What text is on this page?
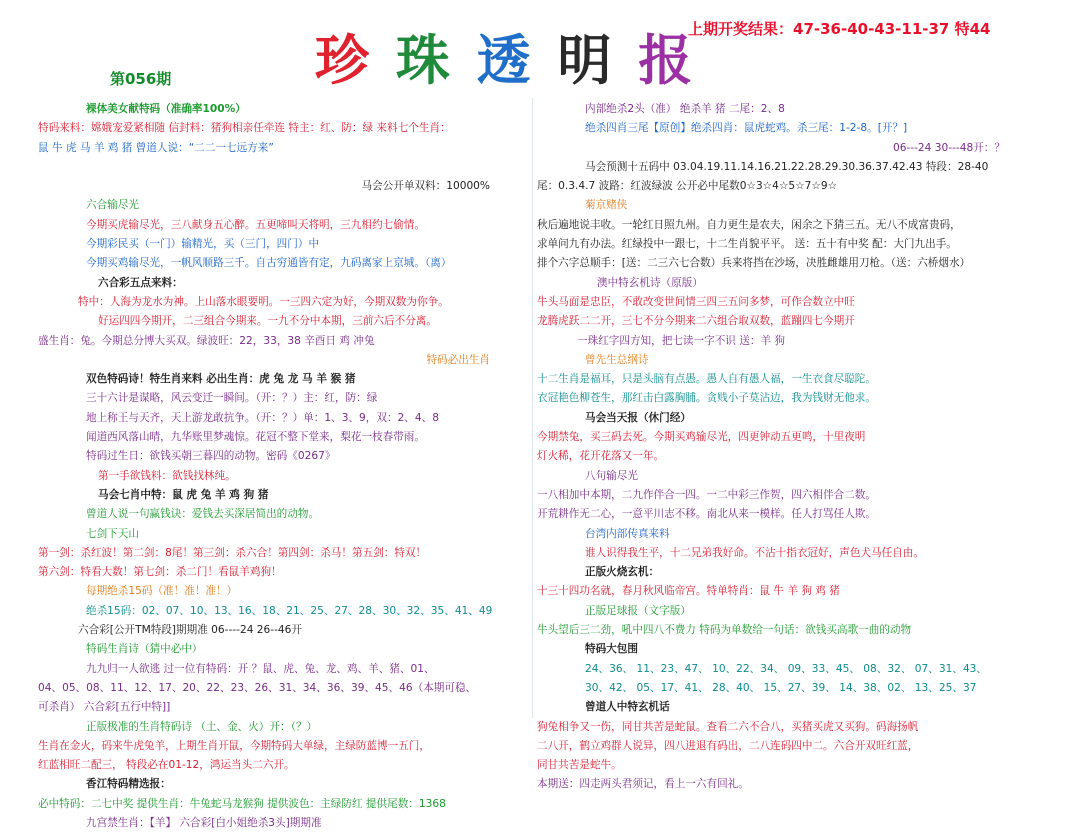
上期开奖结果：47-36-40-43-11-37 特44
珍 珠 透 明 报
第056期
裸体美女献特码（准确率100%）
特码来料：嫦娥宠爱紧相随 信封料：猪狗相亲任牵连 特主：红、防：绿 来料七个生肖：
鼠 牛 虎 马 羊 鸡 猪 曾道人说：“二二一七远方来”
马会公开单双料：10000%
六合输尽光
今期买虎输尽光，三八献身五心醉。五更啼叫天将明，三九相约七偷情。
今期彩民买（一门）输精光，买（三门，四门）中
今期买鸡输尽光，一帆风顺路三千。自古穷通皆有定，九码离家上京城。（离）
六合彩五点来料：
特中：人海为龙水为神。上山落水眼要明。一三四六定为好，今期双数为你争。
好运四四今期开，二三组合今期来。一九不分中本期，三前六后不分离。
盛生肖：兔。今期总分博大买双。绿波旺：22，33，38 辛酉日 鸡 冲兔
特码必出生肖
双色特码诗！特生肖来料 必出生肖：虎 兔 龙 马 羊 猴 猪
三十六计是谋略，风云变迁一瞬间。（开：？）主：红，防：绿
地上称王与天齐，天上游龙敢抗争。（开：？）单：1、3、9，双：2、4、8
闻道西风落山晴，九华账里梦魂惊。花冠不整下堂来，梨花一枝春带雨。
特码过生日：欲钱买朝三暮四的动物。密码《0267》
第一手欲钱料：欲钱找林纯。
马会七肖中特：鼠 虎 兔 羊 鸡 狗 猪
曾道人说一句赢钱诀：爱钱去买深居简出的动物。
七剑下天山
第一剑：杀红波！第二剑：8尾！第三剑：杀六合！第四剑：杀马！第五剑：特双！
第六剑：特看大数！第七剑：杀二门！看鼠羊鸡狗！
每期绝杀15码（准！准！准！）
绝杀15码：02、07、10、13、16、18、21、25、27、28、30、32、35、41、49
六合彩[公开TM特段]期期准 06----24 26--46开
特码生肖诗（猜中必中）
九九归一人欲逃 过一位有特码：开 ？鼠、虎、兔、龙、鸡、羊、猪、01、
04、05、08、11、12、17、20、22、23、26、31、34、36、39、45、46（本期可稳、
可杀肖） 六合彩[五行中特]]
正版极准的生肖特码诗 （土、金、火）开：（？）
生肖在金火，码来牛虎兔羊，上期生肖开鼠，今期特码大单绿，主绿防蓝博一五门，
红蓝相旺二配三， 特段必在01-12，鸿运当头二六开。
香江特码精选报：
必中特码：二七中奖 提供生肖：牛兔蛇马龙猴狗 提供波色：主绿防红 提供尾数：1368
九宫禁生肖：【羊】 六合彩[白小姐绝杀3头]期期准
内部绝杀2头（准） 绝杀羊 猪 二尾：2、8
绝杀四肖三尾【原创】绝杀四肖：鼠虎蛇鸡。杀三尾：1-2-8。[开？]
06---24 30---48开：？
马会预测十五码中 03.04.19.11.14.16.21.22.28.29.30.36.37.42.43 特段：28-40
尾：0.3.4.7 波路：红波绿波 公开必中尾数0☆3☆4☆5☆7☆9☆
菊京赌侠
秋后遍地说丰收。一轮红日照九州。自力更生是农夫，闲余之下猜三五。无八不成富贵码，
求单问九有办法。红绿投中一跟七，十二生肖貌平平。 送：五十有中奖 配：大门九出手。
排个六字总顺手：[送：二三六七合数）兵来将挡在沙场，决胜雌雄用刀枪。（送：六桥烟水）
澳中特玄机诗（原版）
牛头马面是忠臣，不敢改变世间情三四三五问多梦，可作合数立中旺
龙腾虎跃二二开，三七不分今期来二六组合取双数，蓝蹦四七今期开
一珠红字四方知，把七读一字不识 送：羊 狗
曾先生总纲诗
十二生肖是福耳，只是头脑有点愚。愚人自有愚人福，一生衣食尽聪陀。
衣冠艳色柳苍生，那红击白露胸脯。贪贱小子莫沾边，我为钱财无他求。
马会当天报（休门经）
今期禁兔，买三码去死。今期买鸡输尽光，四更钟动五更鸣，十里夜明
灯火稀，花开花落又一年。
八句输尽光
一八相加中本期，二九作伴合一四。一二中彩三作贺，四六相伴合二数。
开荒耕作无二心，一意平川志不移。南北从来一模样。任人打骂任人欺。
台湾内部传真来料
谁人识得我生平，十二兄弟我好命。不沾十指衣冠好，声色犬马任自由。
正版火烧玄机：
十三十四功名就，春月秋风临帝宫。特单特肖：鼠 牛 羊 狗 鸡 猪
正版足球报（文字版）
牛头望后三二劲，吼中四八不费力 特码为单数给一句话：欲钱买高歌一曲的动物
特码大包围
24、36、 11、23、47、 10、22、34、 09、33、45、 08、32、 07、31、43、
30、42、 05、17、41、 28、40、 15、27、39、 14、38、02、 13、25、37
曾道人中特玄机话
狗兔相争又一伤，同甘共苦是蛇鼠。查看二六不合八，买猪买虎又买狗。码海扬帆
二八开，鹤立鸡群人说异，四八进退有码出，二八连码四中二。六合开双旺红蓝，
同甘共苦是蛇牛。
本期送：四走两头君须记，看上一六有回礼。
